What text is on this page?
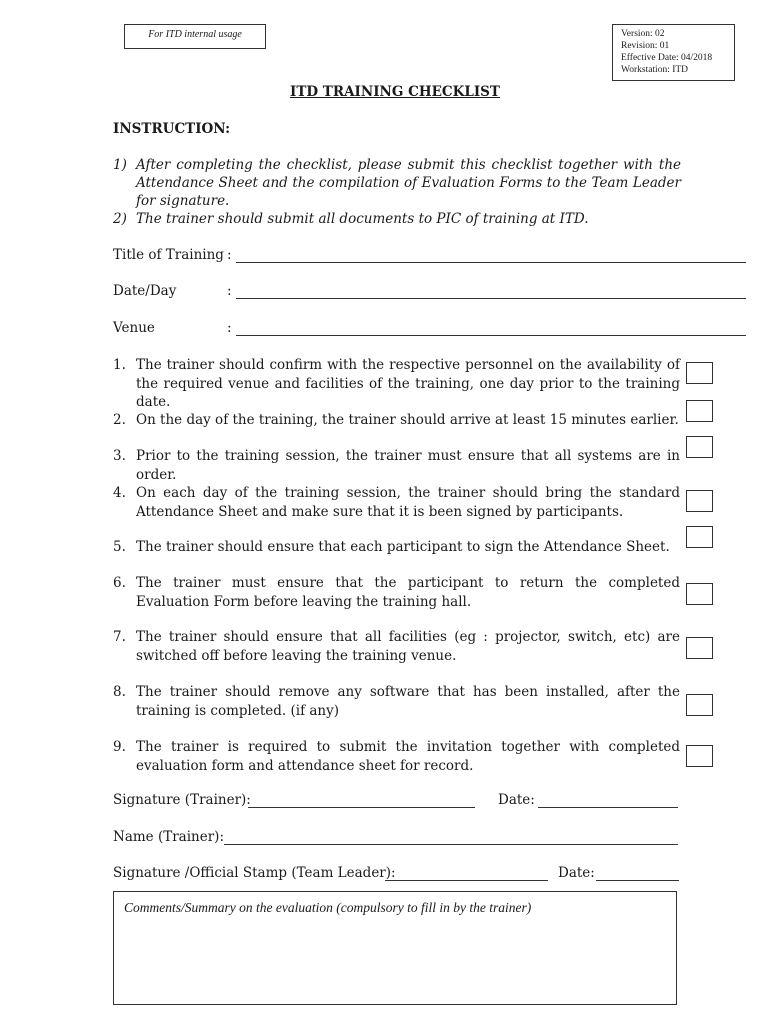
For ITD internal usage	Version: 02
Revision: 01
Effective Date: 04/2018
Workstation: ITD
ITD TRAINING CHECKLIST
INSTRUCTION:
1) After completing the checklist, please submit this checklist together with the Attendance Sheet and the compilation of Evaluation Forms to the Team Leader for signature.
2) The trainer should submit all documents to PIC of training at ITD.
Title of Training :
Date/Day	:
Venue	:
1. The trainer should confirm with the respective personnel on the availability of the required venue and facilities of the training, one day prior to the training date.
2. On the day of the training, the trainer should arrive at least 15 minutes earlier.
3. Prior to the training session, the trainer must ensure that all systems are in order.
4. On each day of the training session, the trainer should bring the standard Attendance Sheet and make sure that it is been signed by participants.
5. The trainer should ensure that each participant to sign the Attendance Sheet.
6. The trainer must ensure that the participant to return the completed Evaluation Form before leaving the training hall.
7. The trainer should ensure that all facilities (eg : projector, switch, etc) are switched off before leaving the training venue.
8. The trainer should remove any software that has been installed, after the training is completed. (if any)
9. The trainer is required to submit the invitation together with completed evaluation form and attendance sheet for record.
Signature (Trainer):	Date:
Name (Trainer):
Signature /Official Stamp (Team Leader):	Date:
Comments/Summary on the evaluation (compulsory to fill in by the trainer)
